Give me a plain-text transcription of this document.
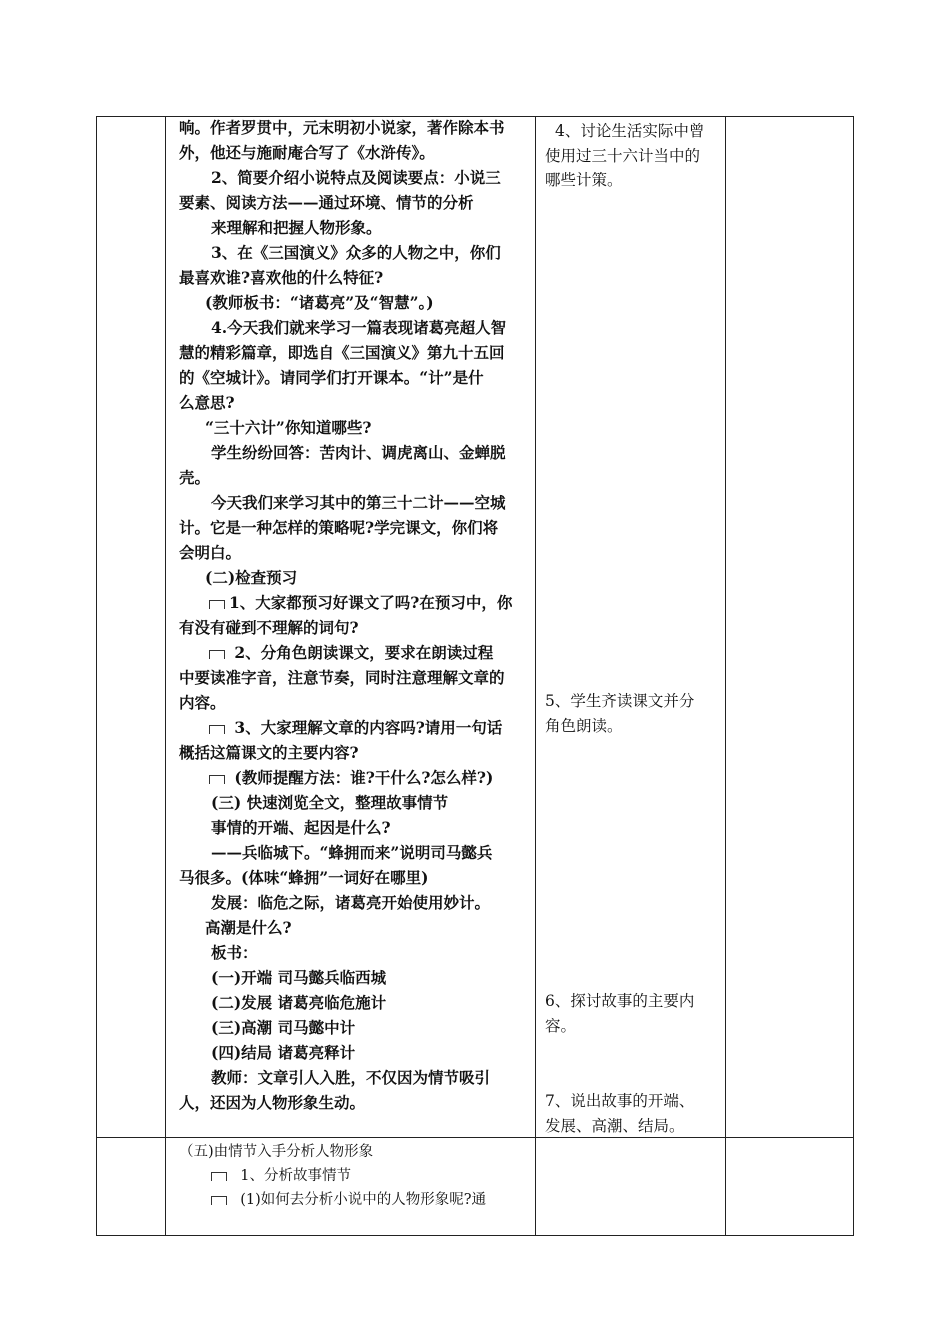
响。作者罗贯中，元末明初小说家，著作除本书
外，他还与施耐庵合写了《水浒传》。
2、简要介绍小说特点及阅读要点：小说三
要素、阅读方法——通过环境、情节的分析
来理解和把握人物形象。
3、在《三国演义》众多的人物之中，你们
最喜欢谁?喜欢他的什么特征?
(教师板书：“诸葛亮”及“智慧”。)
4.今天我们就来学习一篇表现诸葛亮超人智
慧的精彩篇章，即选自《三国演义》第九十五回
的《空城计》。请同学们打开课本。“计”是什
么意思?
“三十六计”你知道哪些?
学生纷纷回答：苦肉计、调虎离山、金蝉脱
壳。
今天我们来学习其中的第三十二计——空城
计。它是一种怎样的策略呢?学完课文，你们将
会明白。
(二)检查预习
1、大家都预习好课文了吗?在预习中，你
有没有碰到不理解的词句?
2、分角色朗读课文，要求在朗读过程
中要读准字音，注意节奏，同时注意理解文章的
内容。
3、大家理解文章的内容吗?请用一句话
概括这篇课文的主要内容?
(教师提醒方法：谁?干什么?怎么样?)
(三) 快速浏览全文，整理故事情节
事情的开端、起因是什么?
——兵临城下。“蜂拥而来”说明司马懿兵
马很多。(体味“蜂拥”一词好在哪里)
发展：临危之际，诸葛亮开始使用妙计。
高潮是什么?
板书：
(一)开端 司马懿兵临西城
(二)发展 诸葛亮临危施计
(三)高潮 司马懿中计
(四)结局 诸葛亮释计
教师：文章引人入胜，不仅因为情节吸引
人，还因为人物形象生动。

4、讨论生活实际中曾

使用过三十六计当中的

哪些计策。

5、学生齐读课文并分

角色朗读。

6、探讨故事的主要内

容。

7、说出故事的开端、

发展、高潮、结局。

（五)由情节入手分析人物形象
1、分析故事情节
(1)如何去分析小说中的人物形象呢?通
